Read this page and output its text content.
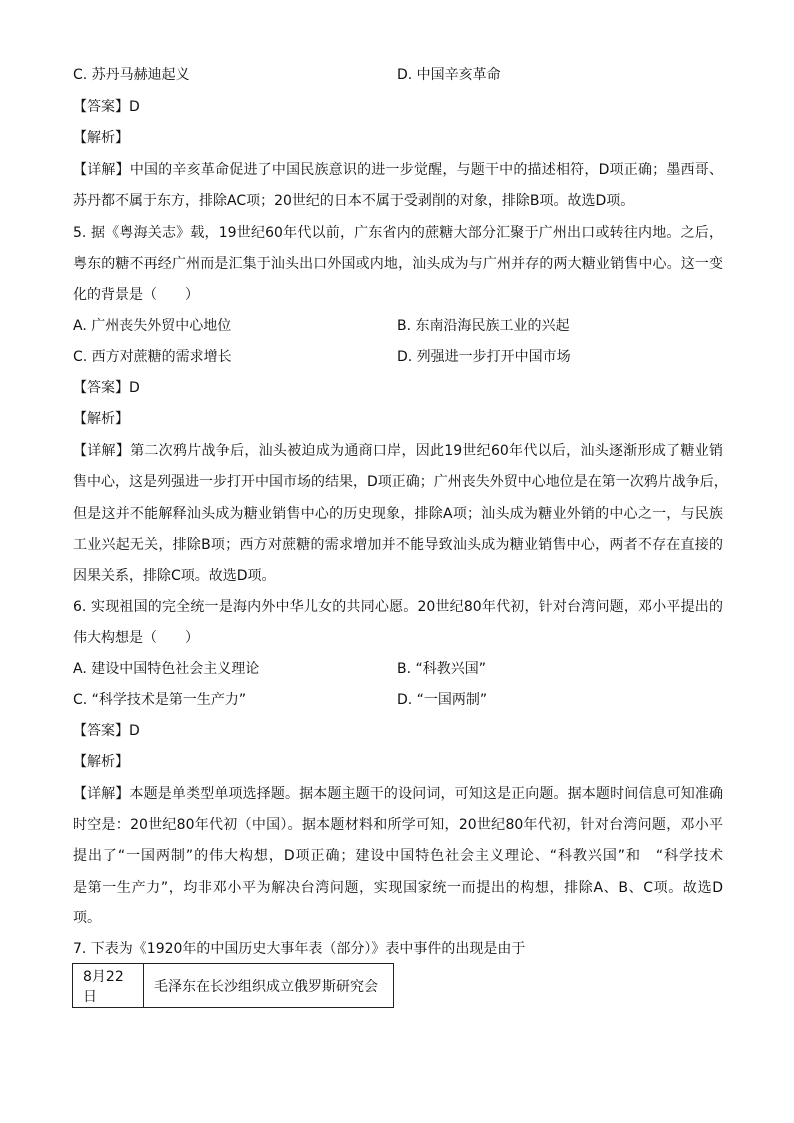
C. 苏丹马赫迪起义	D. 中国辛亥革命
【答案】D
【解析】
【详解】中国的辛亥革命促进了中国民族意识的进一步觉醒，与题干中的描述相符，D项正确；墨西哥、
苏丹都不属于东方，排除AC项；20世纪的日本不属于受剥削的对象，排除B项。故选D项。
5. 据《粤海关志》载，19世纪60年代以前，广东省内的蔗糖大部分汇聚于广州出口或转往内地。之后，
粤东的糖不再经广州而是汇集于汕头出口外国或内地，汕头成为与广州并存的两大糖业销售中心。这一变
化的背景是（　　）
A. 广州丧失外贸中心地位	B. 东南沿海民族工业的兴起
C. 西方对蔗糖的需求增长	D. 列强进一步打开中国市场
【答案】D
【解析】
【详解】第二次鸦片战争后，汕头被迫成为通商口岸，因此19世纪60年代以后，汕头逐渐形成了糖业销
售中心，这是列强进一步打开中国市场的结果，D项正确；广州丧失外贸中心地位是在第一次鸦片战争后，
但是这并不能解释汕头成为糖业销售中心的历史现象，排除A项；汕头成为糖业外销的中心之一，与民族
工业兴起无关，排除B项；西方对蔗糖的需求增加并不能导致汕头成为糖业销售中心，两者不存在直接的
因果关系，排除C项。故选D项。
6. 实现祖国的完全统一是海内外中华儿女的共同心愿。20世纪80年代初，针对台湾问题，邓小平提出的
伟大构想是（　　）
A. 建设中国特色社会主义理论	B. “科教兴国”
C. “科学技术是第一生产力”	D. “一国两制”
【答案】D
【解析】
【详解】本题是单类型单项选择题。据本题主题干的设问词，可知这是正向题。据本题时间信息可知准确
时空是：20世纪80年代初（中国）。据本题材料和所学可知，20世纪80年代初，针对台湾问题，邓小平
提出了“一国两制”的伟大构想，D项正确；建设中国特色社会主义理论、“科教兴国”和　“科学技术
是第一生产力”，均非邓小平为解决台湾问题，实现国家统一而提出的构想，排除A、B、C项。故选D
项。
7. 下表为《1920年的中国历史大事年表（部分）》表中事件的出现是由于
8月22日	毛泽东在长沙组织成立俄罗斯研究会
